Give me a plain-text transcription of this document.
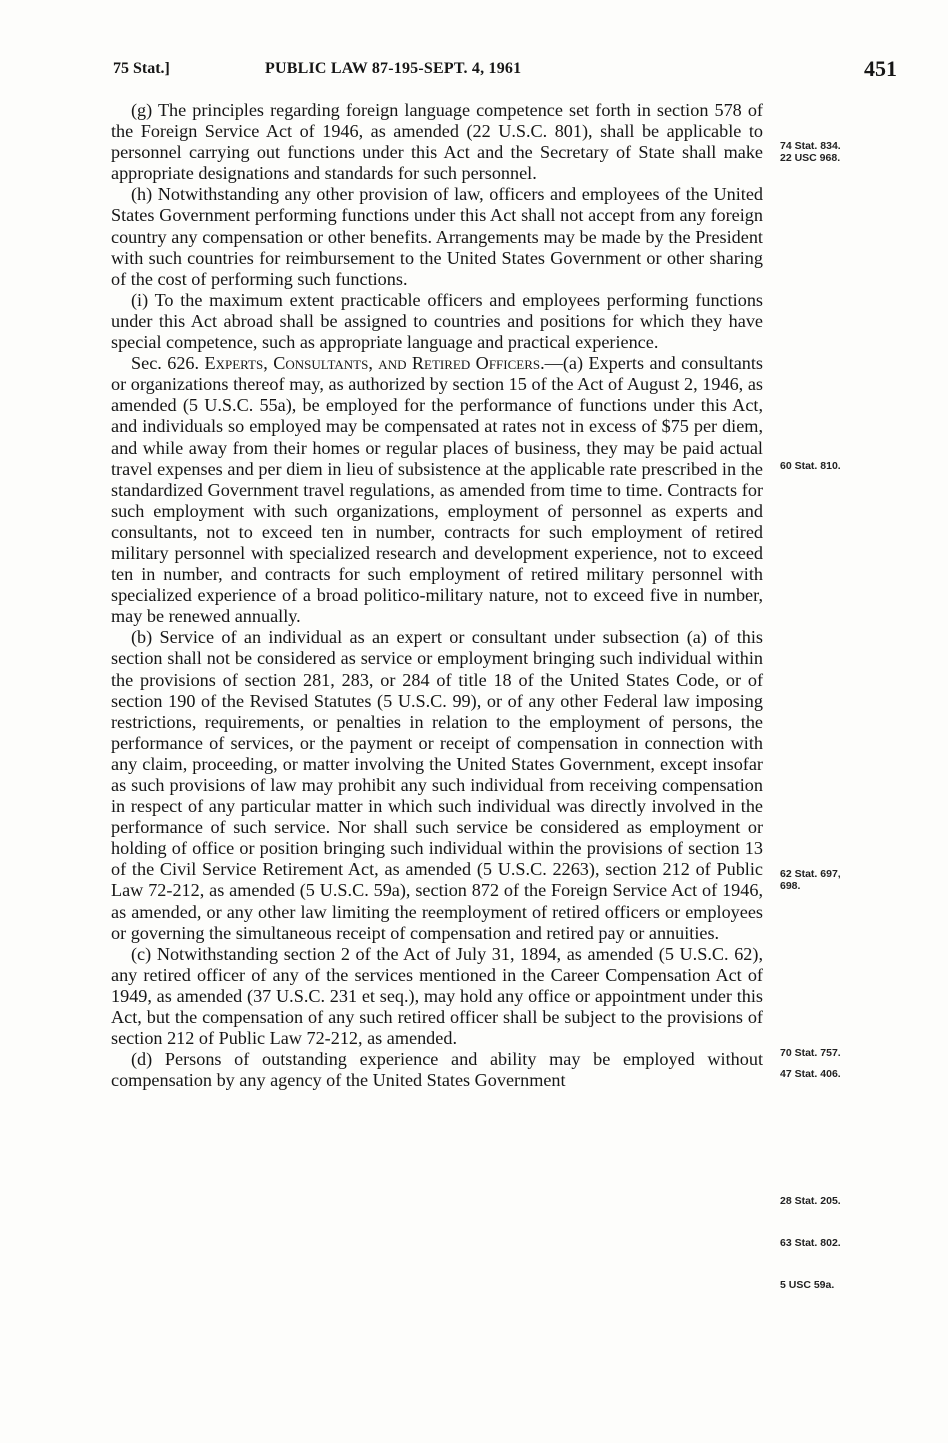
75 Stat.]	PUBLIC LAW 87-195-SEPT. 4, 1961	451

(g) The principles regarding foreign language competence set forth in section 578 of the Foreign Service Act of 1946, as amended (22 U.S.C. 801), shall be applicable to personnel carrying out functions under this Act and the Secretary of State shall make appropriate designations and standards for such personnel.

(h) Notwithstanding any other provision of law, officers and employees of the United States Government performing functions under this Act shall not accept from any foreign country any compensation or other benefits. Arrangements may be made by the President with such countries for reimbursement to the United States Government or other sharing of the cost of performing such functions.

(i) To the maximum extent practicable officers and employees performing functions under this Act abroad shall be assigned to countries and positions for which they have special competence, such as appropriate language and practical experience.

Sec. 626. Experts, Consultants, and Retired Officers.—(a) Experts and consultants or organizations thereof may, as authorized by section 15 of the Act of August 2, 1946, as amended (5 U.S.C. 55a), be employed for the performance of functions under this Act, and individuals so employed may be compensated at rates not in excess of $75 per diem, and while away from their homes or regular places of business, they may be paid actual travel expenses and per diem in lieu of subsistence at the applicable rate prescribed in the standardized Government travel regulations, as amended from time to time. Contracts for such employment with such organizations, employment of personnel as experts and consultants, not to exceed ten in number, contracts for such employment of retired military personnel with specialized research and development experience, not to exceed ten in number, and contracts for such employment of retired military personnel with specialized experience of a broad politico-military nature, not to exceed five in number, may be renewed annually.

(b) Service of an individual as an expert or consultant under subsection (a) of this section shall not be considered as service or employment bringing such individual within the provisions of section 281, 283, or 284 of title 18 of the United States Code, or of section 190 of the Revised Statutes (5 U.S.C. 99), or of any other Federal law imposing restrictions, requirements, or penalties in relation to the employment of persons, the performance of services, or the payment or receipt of compensation in connection with any claim, proceeding, or matter involving the United States Government, except insofar as such provisions of law may prohibit any such individual from receiving compensation in respect of any particular matter in which such individual was directly involved in the performance of such service. Nor shall such service be considered as employment or holding of office or position bringing such individual within the provisions of section 13 of the Civil Service Retirement Act, as amended (5 U.S.C. 2263), section 212 of Public Law 72-212, as amended (5 U.S.C. 59a), section 872 of the Foreign Service Act of 1946, as amended, or any other law limiting the reemployment of retired officers or employees or governing the simultaneous receipt of compensation and retired pay or annuities.

(c) Notwithstanding section 2 of the Act of July 31, 1894, as amended (5 U.S.C. 62), any retired officer of any of the services mentioned in the Career Compensation Act of 1949, as amended (37 U.S.C. 231 et seq.), may hold any office or appointment under this Act, but the compensation of any such retired officer shall be subject to the provisions of section 212 of Public Law 72-212, as amended.

(d) Persons of outstanding experience and ability may be employed without compensation by any agency of the United States Government

74 Stat. 834.
22 USC 968.
60 Stat. 810.
62 Stat. 697,
698.
70 Stat. 757.
47 Stat. 406.
28 Stat. 205.
63 Stat. 802.
5 USC 59a.
